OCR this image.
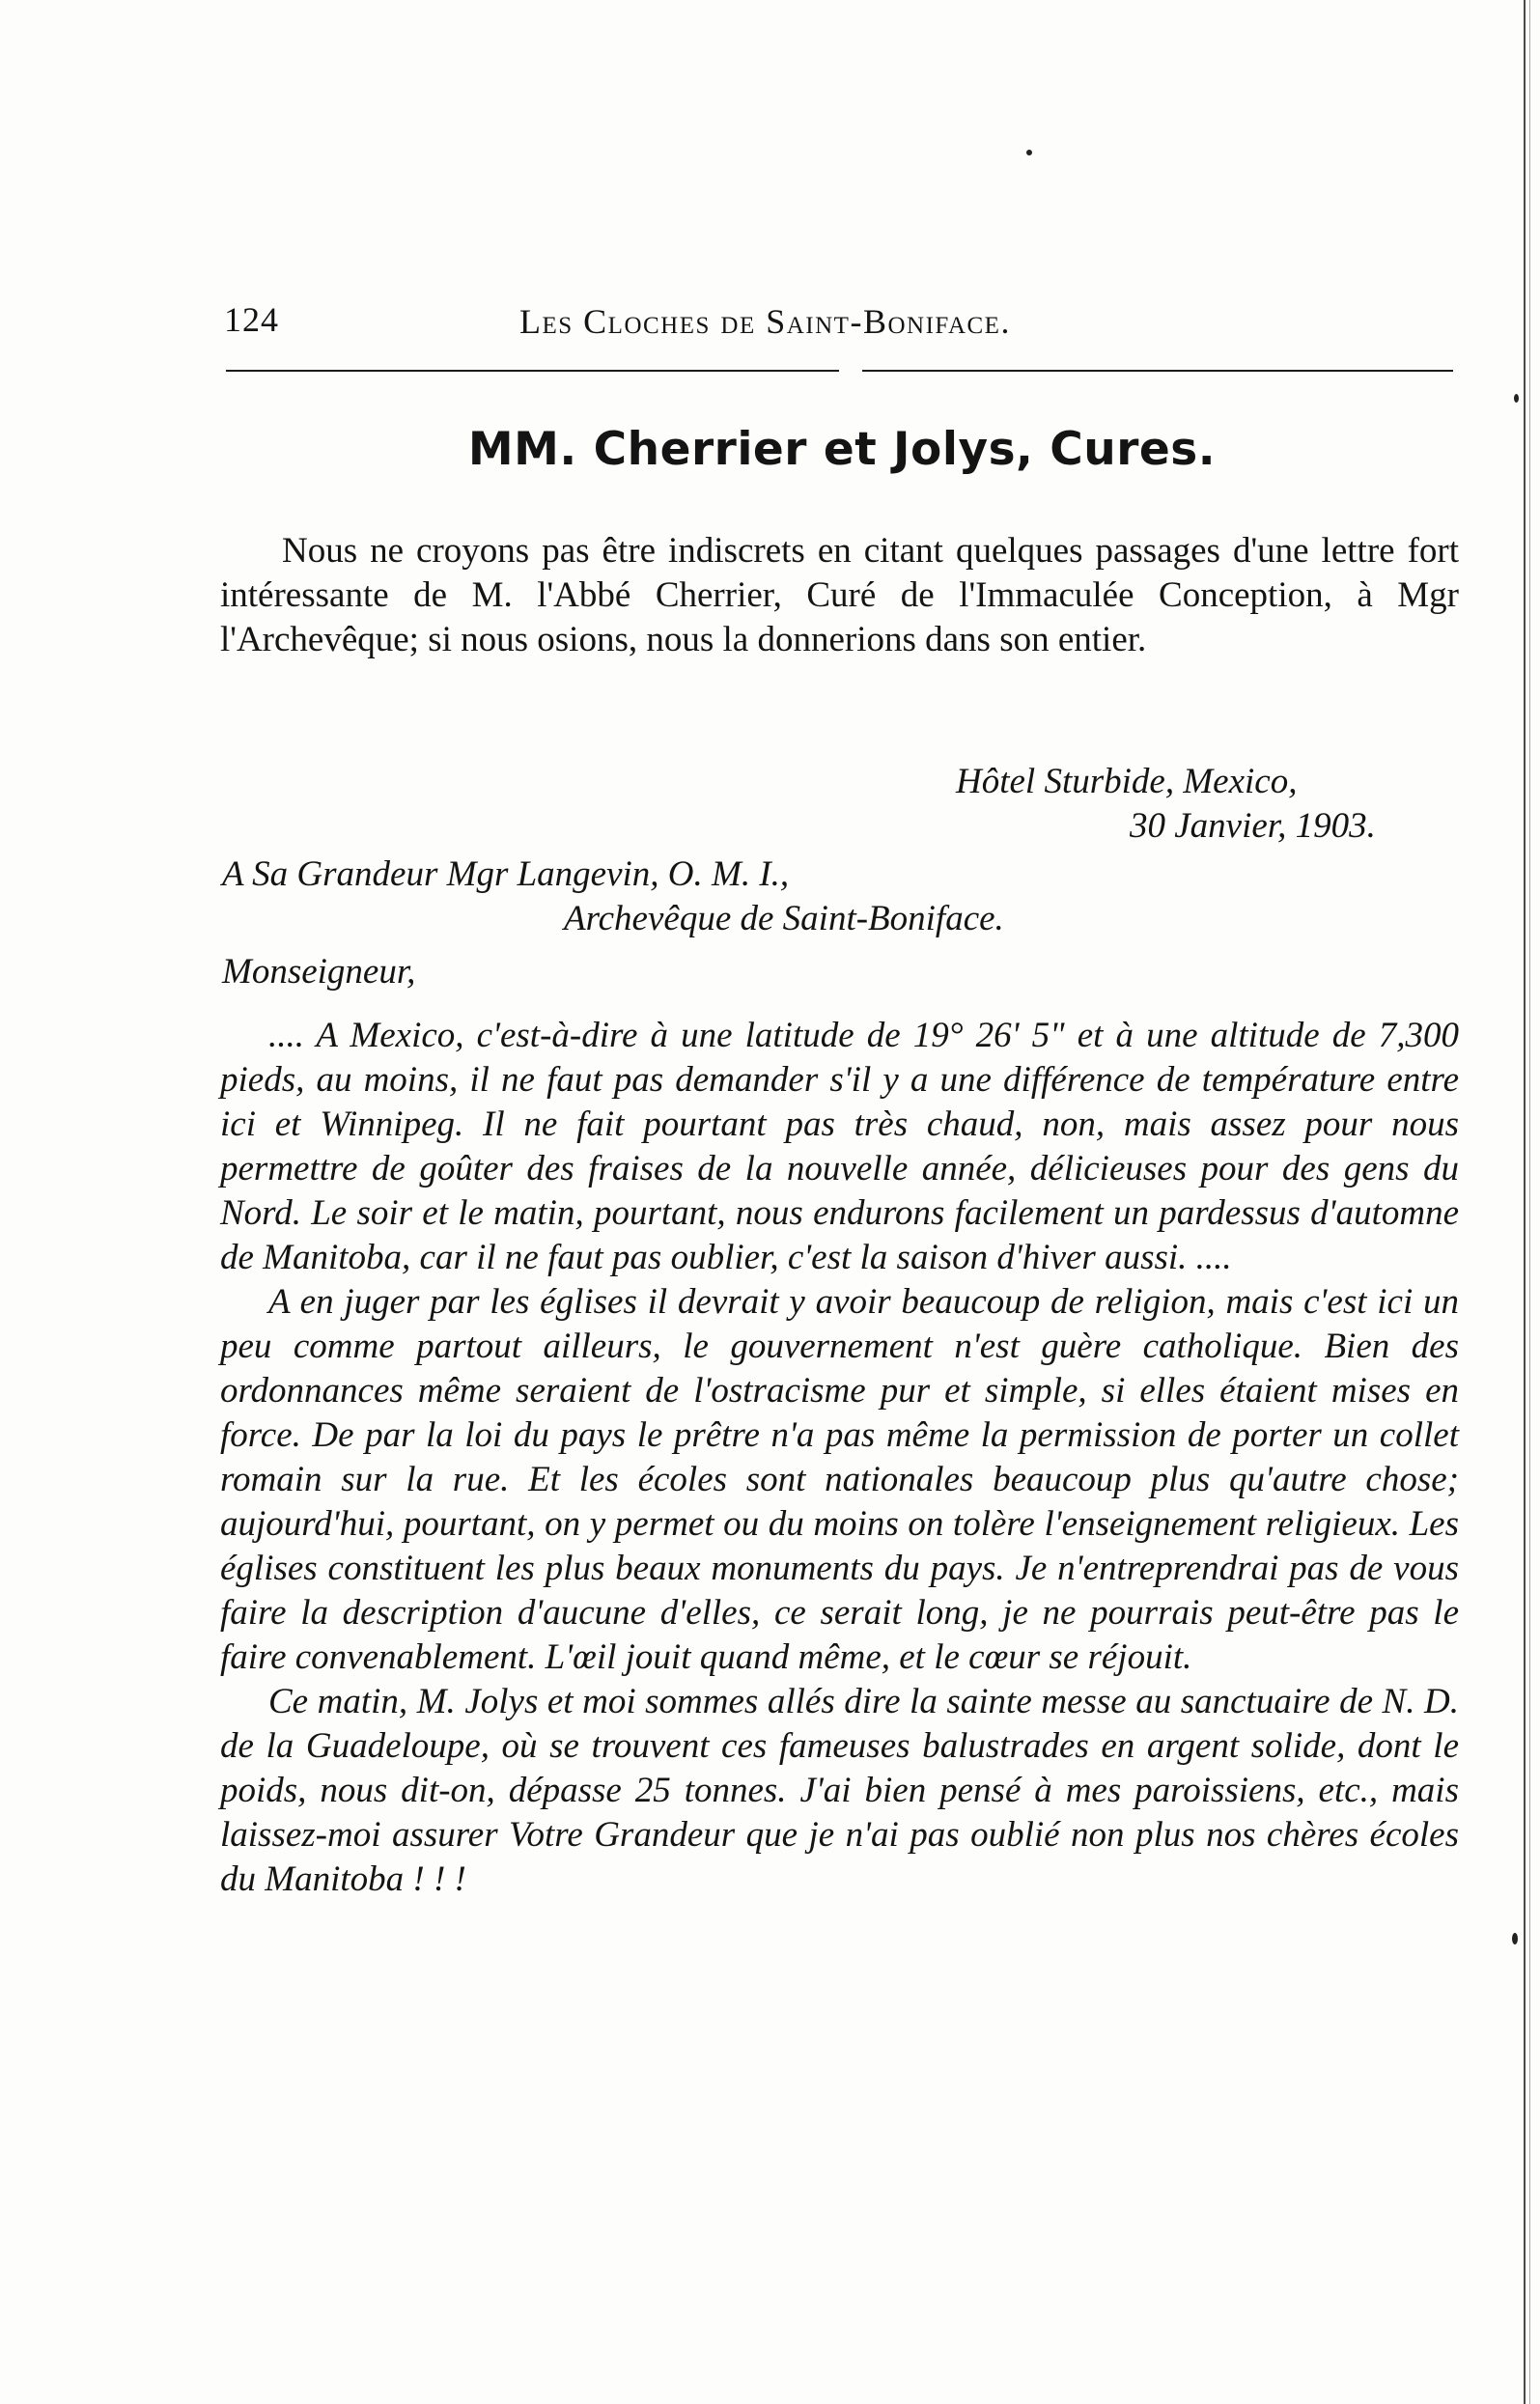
124	Les Cloches de Saint-Boniface.
MM. Cherrier et Jolys, Cures.

Nous ne croyons pas être indiscrets en citant quelques passages d'une lettre fort intéressante de M. l'Abbé Cherrier, Curé de l'Immaculée Conception, à Mgr l'Archevêque; si nous osions, nous la donnerions dans son entier.

Hôtel Sturbide, Mexico,

30 Janvier, 1903.

A Sa Grandeur Mgr Langevin, O. M. I.,

Archevêque de Saint-Boniface.

Monseigneur,

.... A Mexico, c'est-à-dire à une latitude de 19° 26' 5" et à une altitude de 7,300 pieds, au moins, il ne faut pas demander s'il y a une différence de température entre ici et Winnipeg. Il ne fait pourtant pas très chaud, non, mais assez pour nous permettre de goûter des fraises de la nouvelle année, délicieuses pour des gens du Nord. Le soir et le matin, pourtant, nous endurons facilement un pardessus d'automne de Manitoba, car il ne faut pas oublier, c'est la saison d'hiver aussi. ....

A en juger par les églises il devrait y avoir beaucoup de religion, mais c'est ici un peu comme partout ailleurs, le gouvernement n'est guère catholique. Bien des ordonnances même seraient de l'ostracisme pur et simple, si elles étaient mises en force. De par la loi du pays le prêtre n'a pas même la permission de porter un collet romain sur la rue. Et les écoles sont nationales beaucoup plus qu'autre chose; aujourd'hui, pourtant, on y permet ou du moins on tolère l'enseignement religieux. Les églises constituent les plus beaux monuments du pays. Je n'entreprendrai pas de vous faire la description d'aucune d'elles, ce serait long, je ne pourrais peut-être pas le faire convenablement. L'œil jouit quand même, et le cœur se réjouit.

Ce matin, M. Jolys et moi sommes allés dire la sainte messe au sanctuaire de N. D. de la Guadeloupe, où se trouvent ces fameuses balustrades en argent solide, dont le poids, nous dit-on, dépasse 25 tonnes. J'ai bien pensé à mes paroissiens, etc., mais laissez-moi assurer Votre Grandeur que je n'ai pas oublié non plus nos chères écoles du Manitoba ! ! !
